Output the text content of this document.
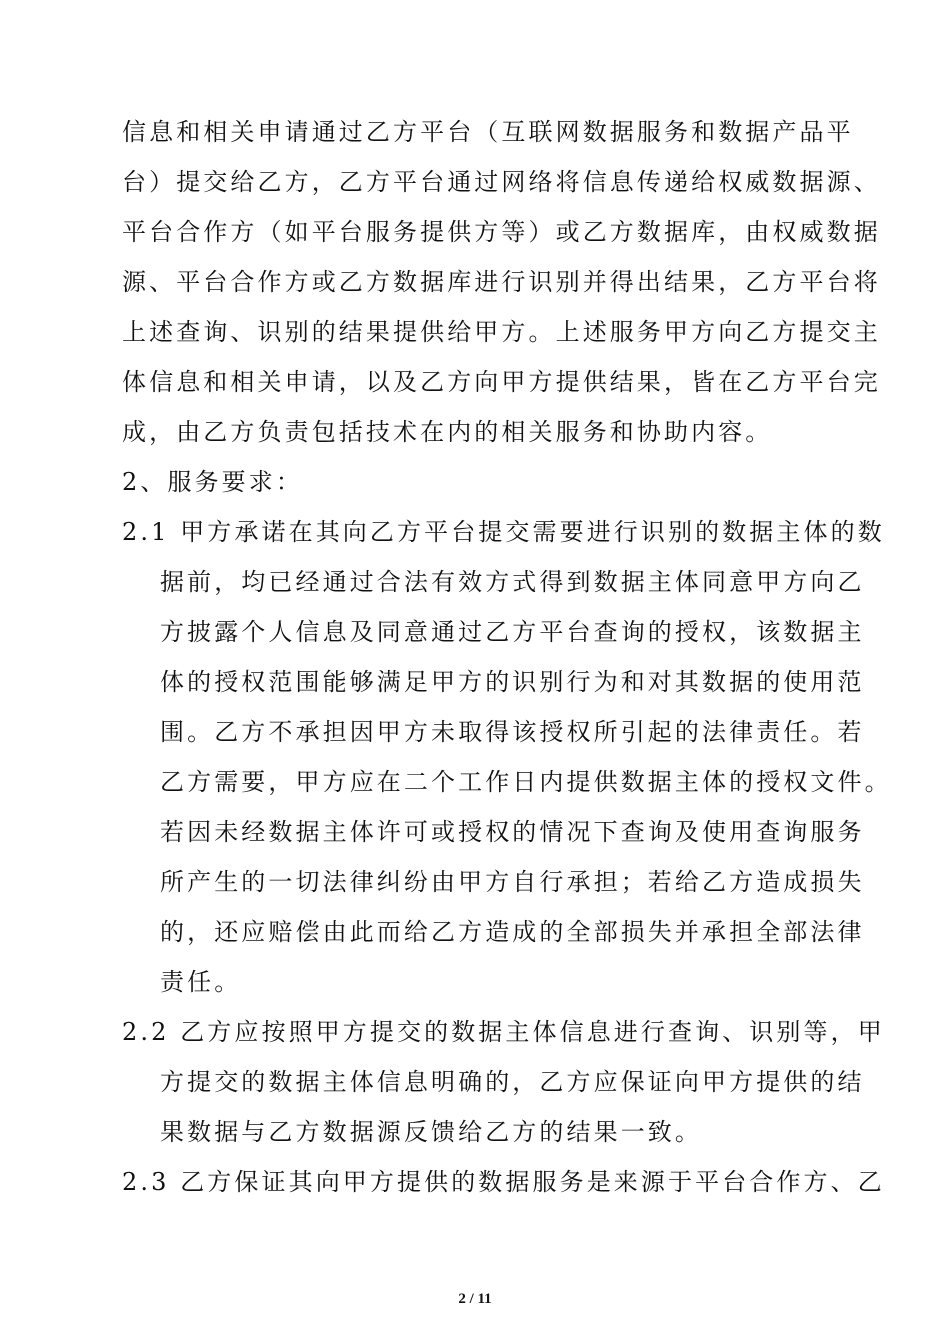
信息和相关申请通过乙方平台（互联网数据服务和数据产品平
台）提交给乙方，乙方平台通过网络将信息传递给权威数据源、
平台合作方（如平台服务提供方等）或乙方数据库，由权威数据
源、平台合作方或乙方数据库进行识别并得出结果，乙方平台将
上述查询、识别的结果提供给甲方。上述服务甲方向乙方提交主
体信息和相关申请，以及乙方向甲方提供结果，皆在乙方平台完
成，由乙方负责包括技术在内的相关服务和协助内容。
2、服务要求：
2.1 甲方承诺在其向乙方平台提交需要进行识别的数据主体的数
据前，均已经通过合法有效方式得到数据主体同意甲方向乙
方披露个人信息及同意通过乙方平台查询的授权，该数据主
体的授权范围能够满足甲方的识别行为和对其数据的使用范
围。乙方不承担因甲方未取得该授权所引起的法律责任。若
乙方需要，甲方应在二个工作日内提供数据主体的授权文件。
若因未经数据主体许可或授权的情况下查询及使用查询服务
所产生的一切法律纠纷由甲方自行承担；若给乙方造成损失
的，还应赔偿由此而给乙方造成的全部损失并承担全部法律
责任。
2.2 乙方应按照甲方提交的数据主体信息进行查询、识别等，甲
方提交的数据主体信息明确的，乙方应保证向甲方提供的结
果数据与乙方数据源反馈给乙方的结果一致。
2.3 乙方保证其向甲方提供的数据服务是来源于平台合作方、乙
2 / 11
